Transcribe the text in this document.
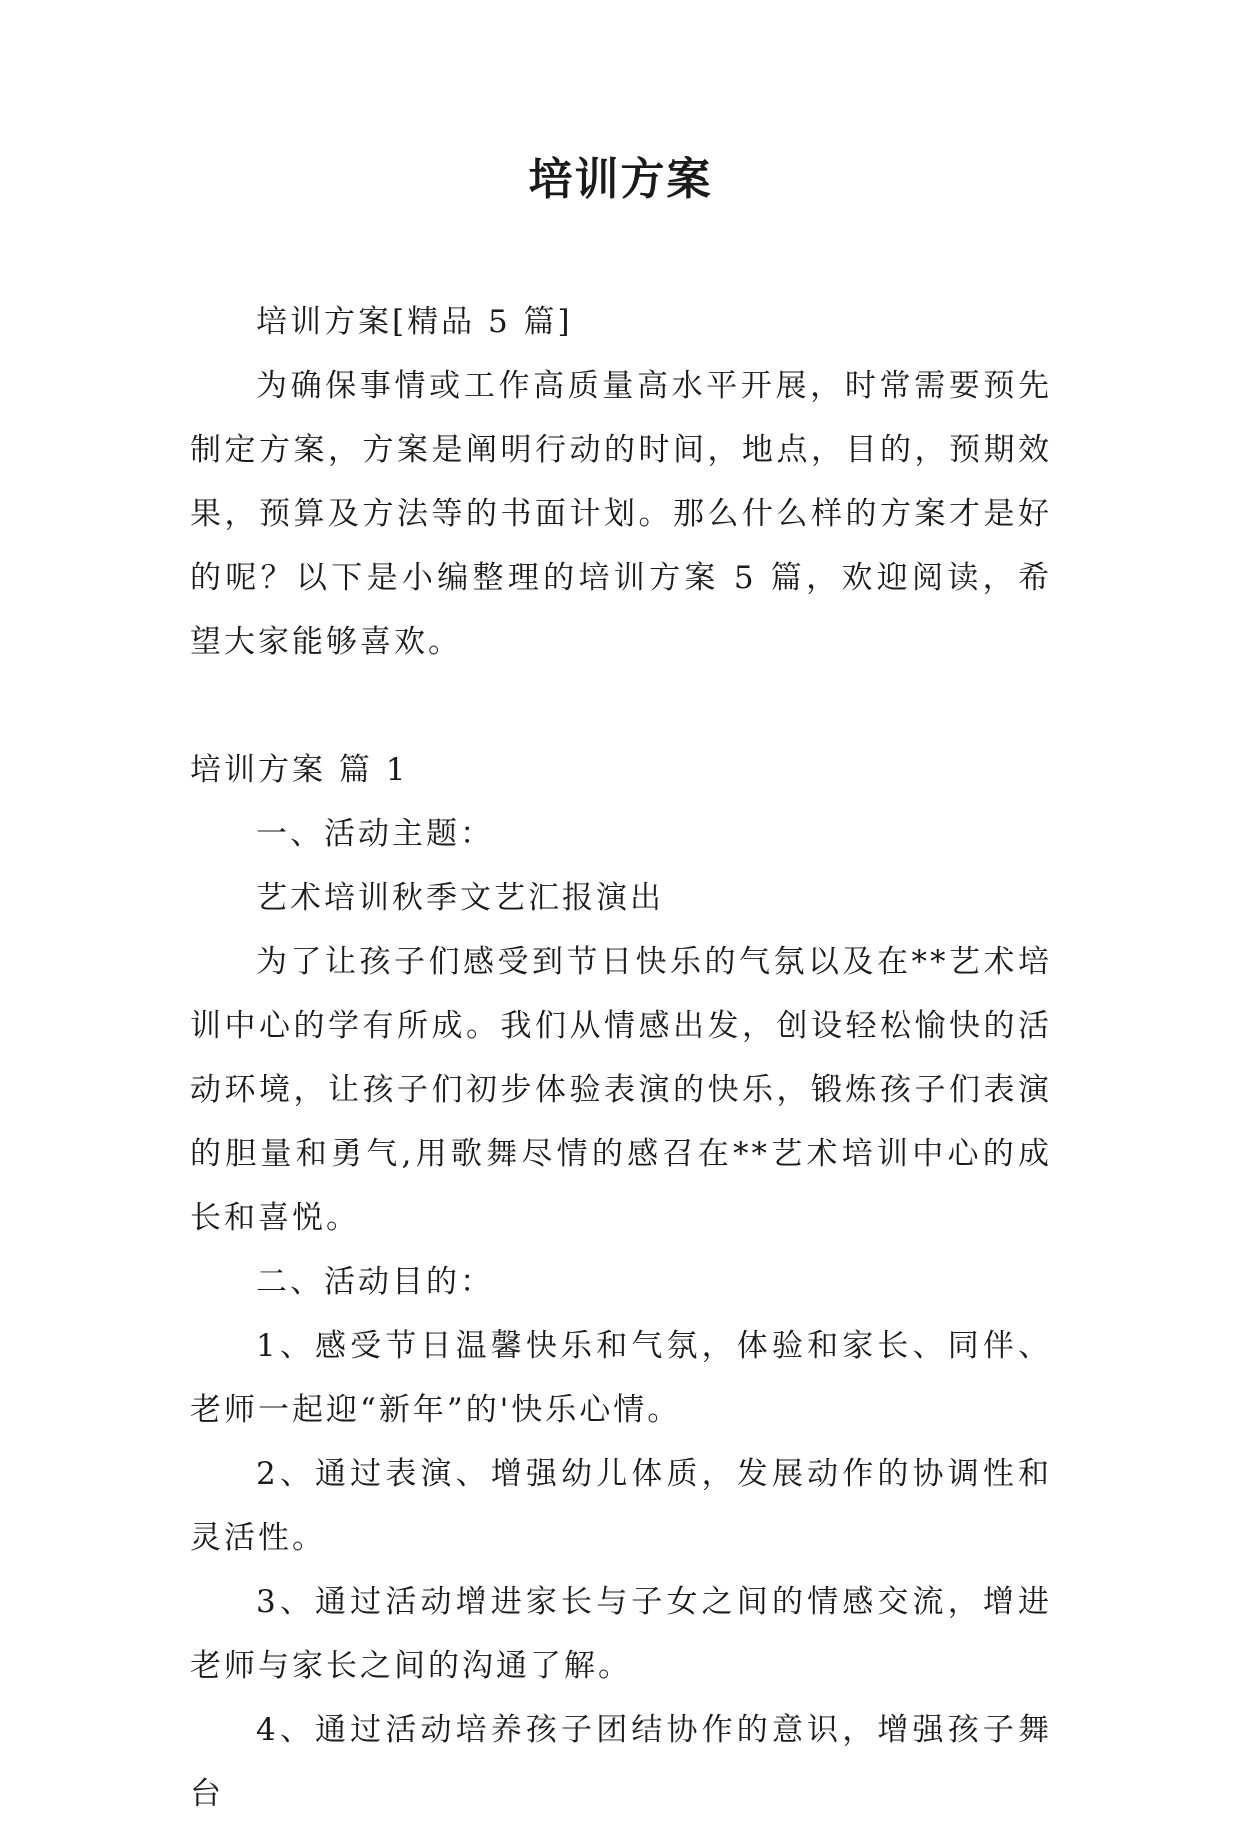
培训方案

培训方案[精品 5 篇]

为确保事情或工作高质量高水平开展，时常需要预先制定方案，方案是阐明行动的时间，地点，目的，预期效果，预算及方法等的书面计划。那么什么样的方案才是好的呢？以下是小编整理的培训方案 5 篇，欢迎阅读，希望大家能够喜欢。

培训方案 篇 1

一、活动主题：

艺术培训秋季文艺汇报演出

为了让孩子们感受到节日快乐的气氛以及在**艺术培训中心的学有所成。我们从情感出发，创设轻松愉快的活动环境，让孩子们初步体验表演的快乐，锻炼孩子们表演的胆量和勇气,用歌舞尽情的感召在**艺术培训中心的成长和喜悦。

二、活动目的：

1、感受节日温馨快乐和气氛，体验和家长、同伴、老师一起迎“新年”的'快乐心情。

2、通过表演、增强幼儿体质，发展动作的协调性和灵活性。

3、通过活动增进家长与子女之间的情感交流，增进老师与家长之间的沟通了解。

4、通过活动培养孩子团结协作的意识，增强孩子舞台
